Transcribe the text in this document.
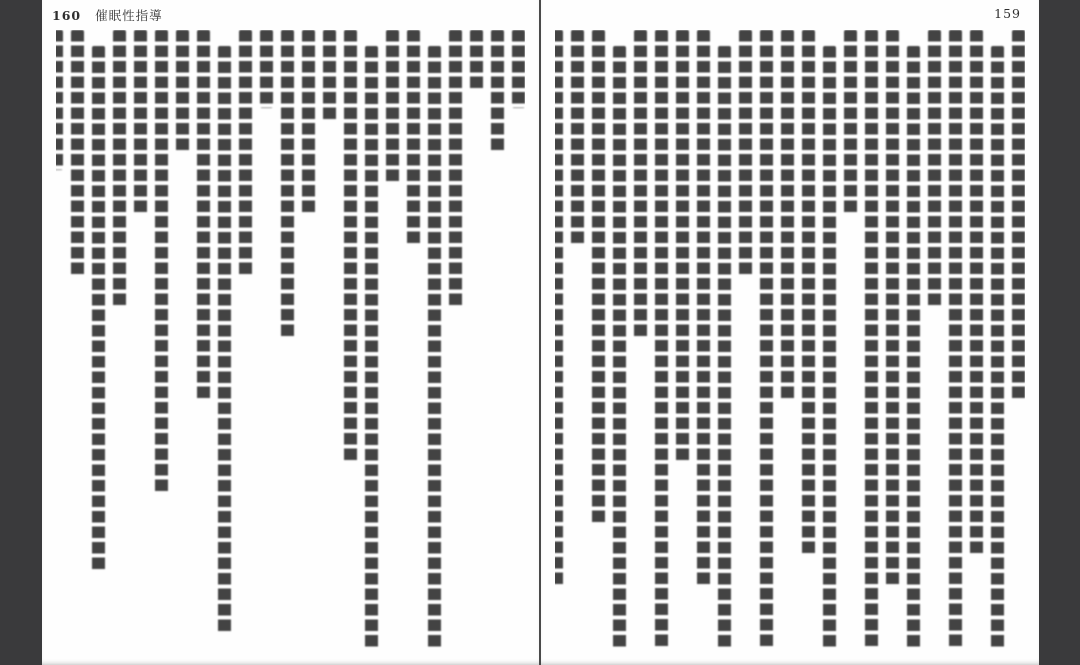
160 催眠性指導	159
